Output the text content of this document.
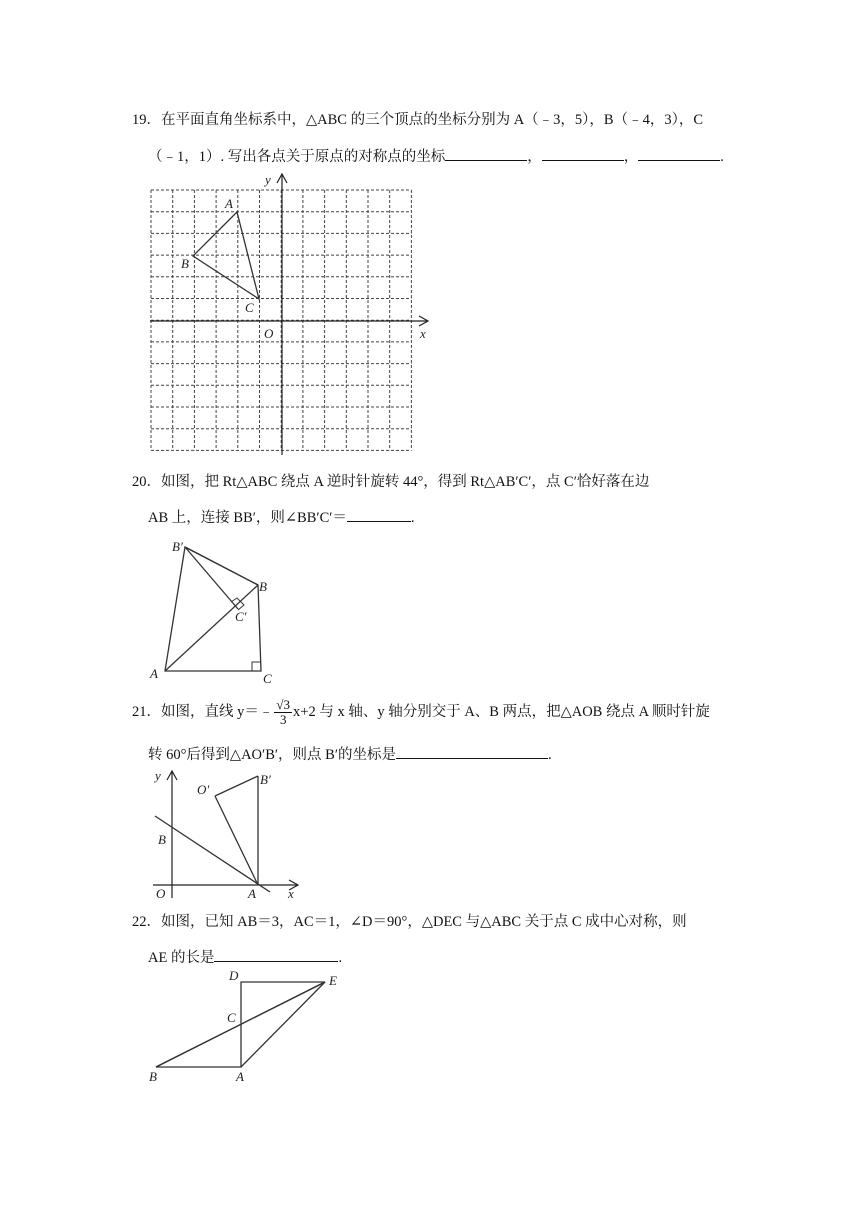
19．在平面直角坐标系中，△ABC 的三个顶点的坐标分别为 A（﹣3，5），B（﹣4，3），C
（﹣1，1）. 写出各点关于原点的对称点的坐标	，	，	.
A
B
C
O	x
y
20．如图，把 Rt△ABC 绕点 A 逆时针旋转 44°，得到 Rt△AB′C′，点 C′恰好落在边
AB 上，连接 BB′，则∠BB′C′＝	.
B′
B
C′
A	C
21．如图，直线 y＝﹣ $\frac{√3}{3} x+2$ 与 x 轴、y 轴分别交于 A、B 两点，把△AOB 绕点 A 顺时针旋
转 60°后得到△AO′B′，则点 B′的坐标是	.
y
O′
B′
B
O	A x
22．如图，已知 AB＝3，AC＝1，∠D＝90°，△DEC 与△ABC 关于点 C 成中心对称，则
AE 的长是	.
D	E
C
B	A
